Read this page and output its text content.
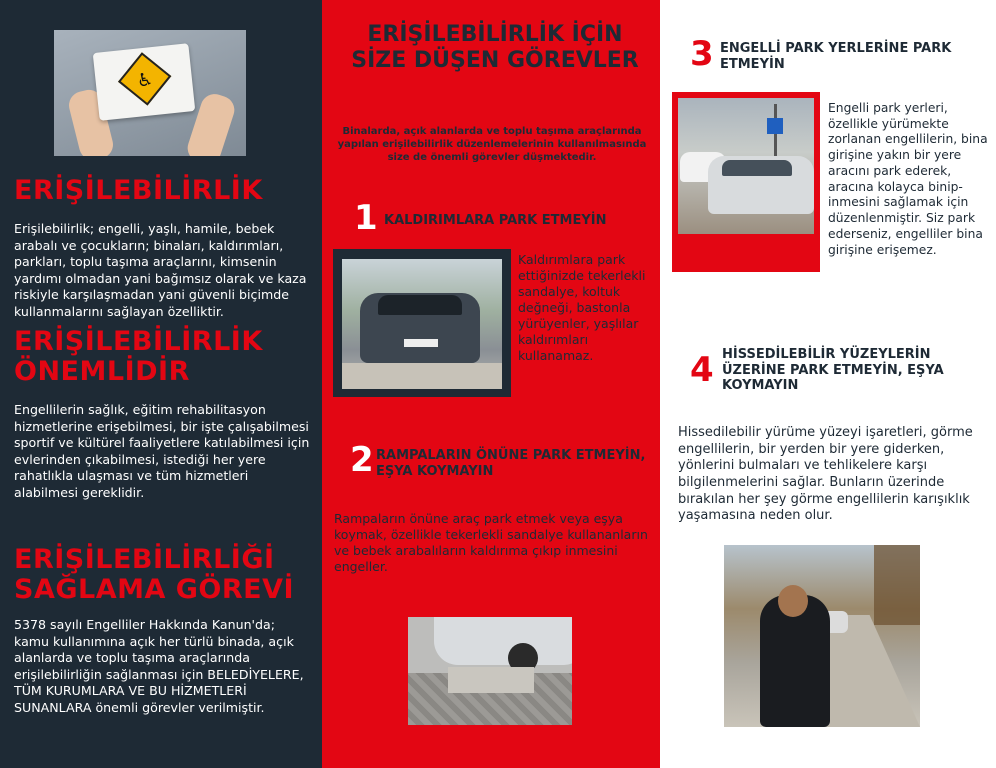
♿
ERİŞİLEBİLİRLİK

Erişilebilirlik; engelli, yaşlı, hamile, bebek arabalı ve çocukların; binaları, kaldırımları, parkları, toplu taşıma araçlarını, kimsenin yardımı olmadan yani bağımsız olarak ve kaza riskiyle karşılaşmadan yani güvenli biçimde kullanmalarını sağlayan özelliktir.

ERİŞİLEBİLİRLİK ÖNEMLİDİR

Engellilerin sağlık, eğitim rehabilitasyon hizmetlerine erişebilmesi, bir işte çalışabilmesi sportif ve kültürel faaliyetlere katılabilmesi için evlerinden çıkabilmesi, istediği her yere rahatlıkla ulaşması ve tüm hizmetleri alabilmesi gereklidir.

ERİŞİLEBİLİRLİĞİ SAĞLAMA GÖREVİ

5378 sayılı Engelliler Hakkında Kanun'da; kamu kullanımına açık her türlü binada, açık alanlarda ve toplu taşıma araçlarında erişilebilirliğin sağlanması için BELEDİYELERE, TÜM KURUMLARA VE BU HİZMETLERİ SUNANLARA önemli görevler verilmiştir.

ERİŞİLEBİLİRLİK İÇİN SİZE DÜŞEN GÖREVLER

Binalarda, açık alanlarda ve toplu taşıma araçlarında yapılan erişilebilirlik düzenlemelerinin kullanılmasında size de önemli görevler düşmektedir.

1 KALDIRIMLARA PARK ETMEYİN

Kaldırımlara park ettiğinizde tekerlekli sandalye, koltuk değneği, bastonla yürüyenler, yaşlılar kaldırımları kullanamaz.

2 RAMPALARIN ÖNÜNE PARK ETMEYİN, EŞYA KOYMAYIN

Rampaların önüne araç park etmek veya eşya koymak, özellikle tekerlekli sandalye kullananların ve bebek arabalıların kaldırıma çıkıp inmesini engeller.

3 ENGELLİ PARK YERLERİNE PARK ETMEYİN

Engelli park yerleri, özellikle yürümekte zorlanan engellilerin, bina girişine yakın bir yere aracını park ederek, aracına kolayca binip-inmesini sağlamak için düzenlenmiştir. Siz park ederseniz, engelliler bina girişine erişemez.

4 HİSSEDİLEBİLİR YÜZEYLERİN ÜZERİNE PARK ETMEYİN, EŞYA KOYMAYIN

Hissedilebilir yürüme yüzeyi işaretleri, görme engellilerin, bir yerden bir yere giderken, yönlerini bulmaları ve tehlikelere karşı bilgilenmelerini sağlar. Bunların üzerinde bırakılan her şey görme engellilerin karışıklık yaşamasına neden olur.
